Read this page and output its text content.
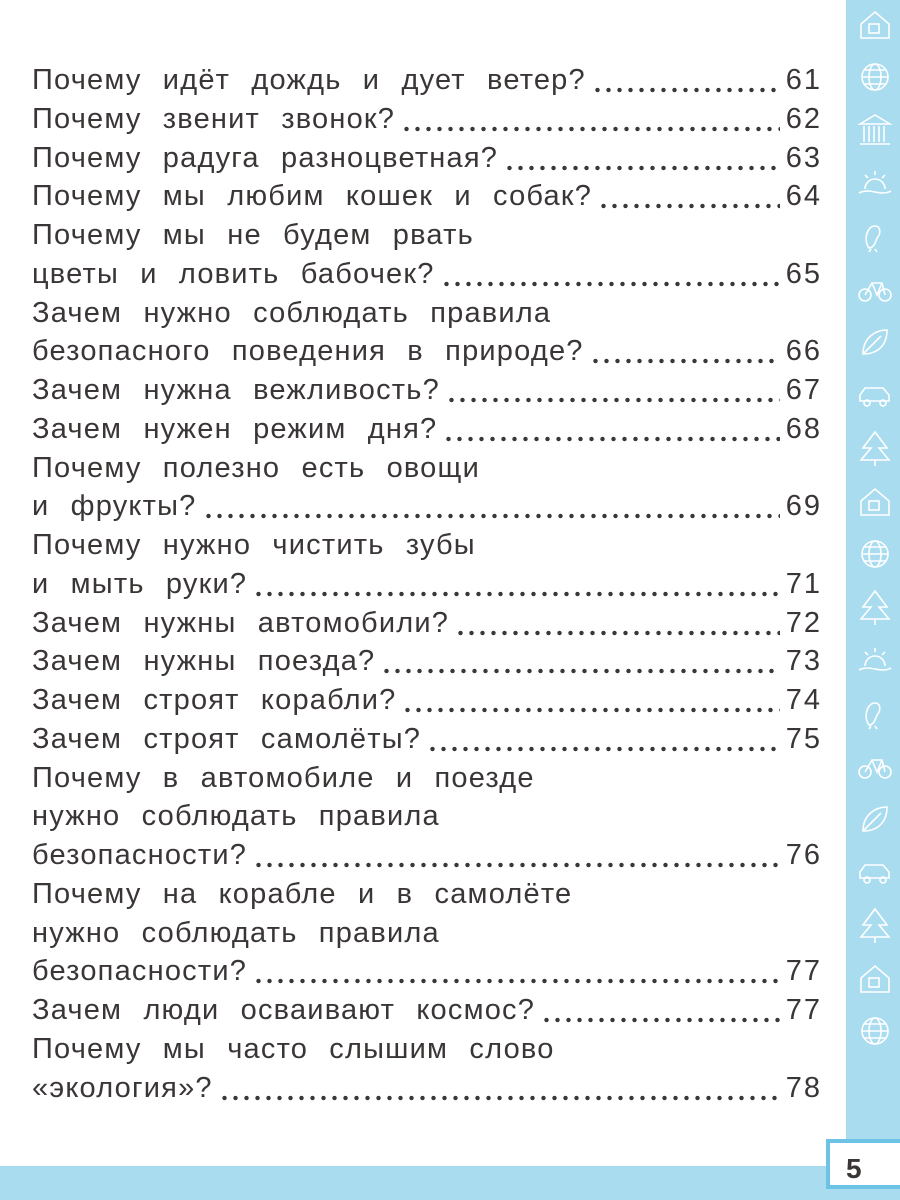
5
Почему идёт дождь и дует ветер?	61
Почему звенит звонок?	62
Почему радуга разноцветная?	63
Почему мы любим кошек и собак?	64
Почему мы не будем рвать
цветы и ловить бабочек?	65
Зачем нужно соблюдать правила
безопасного поведения в природе?	66
Зачем нужна вежливость?	67
Зачем нужен режим дня?	68
Почему полезно есть овощи
и фрукты?	69
Почему нужно чистить зубы
и мыть руки?	71
Зачем нужны автомобили?	72
Зачем нужны поезда?	73
Зачем строят корабли?	74
Зачем строят самолёты?	75
Почему в автомобиле и поезде
нужно соблюдать правила
безопасности?	76
Почему на корабле и в самолёте
нужно соблюдать правила
безопасности?	77
Зачем люди осваивают космос?	77
Почему мы часто слышим слово
«экология»?	78
